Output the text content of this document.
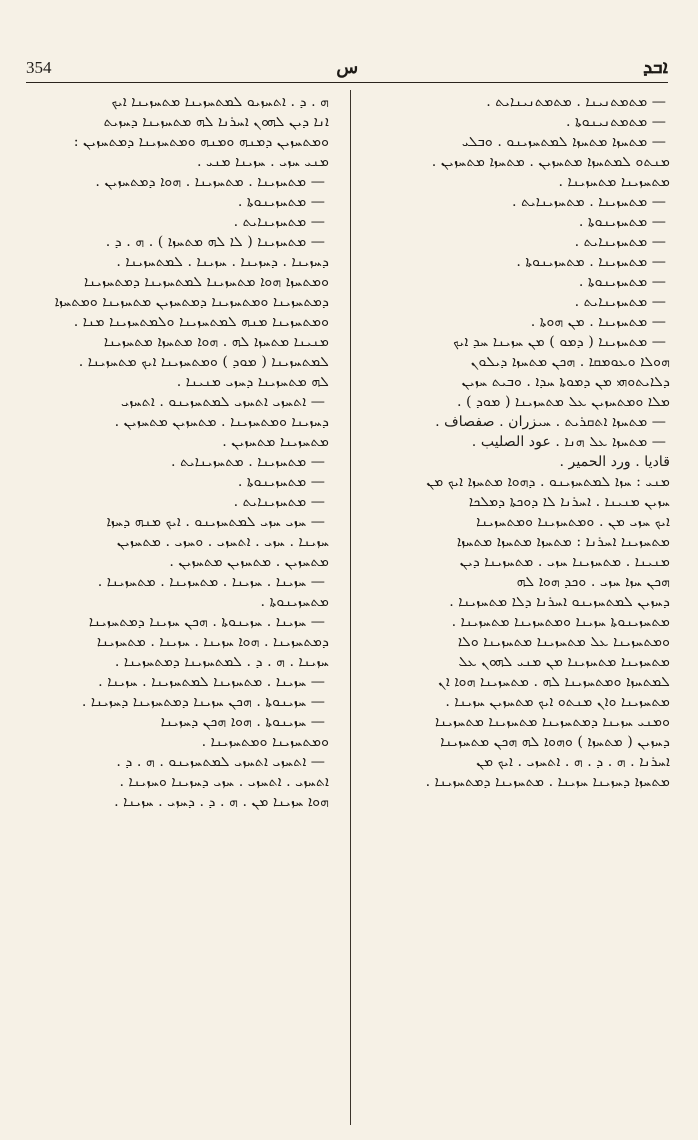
354	س	ܐܒܕ
— ܡܬܡܬܢܝܢܐ . ܡܬܡܬܢܝܢܐܝܬ .
— ܡܬܡܬܢܝܢܘܬܐ .
— ܡܬܚܙܐ ܡܬܚܙܐ ܠܡܬܚܙܝܢܘ . ܘܒܠܝ
ܡܢܬܘ ܠܡܬܚܙܐ ܡܬܚܙܝܢ . ܡܬܚܙܐ ܡܬܚܙܝܢ .
ܡܬܚܙܝܢܐ ܡܬܚܙܝܢܐ .
— ܡܬܚܙܝܢܐ . ܡܬܚܙܝܢܐܝܬ .
— ܡܬܚܙܝܢܘܬܐ .
— ܡܬܚܙܝܢܐܝܬ .
— ܡܬܚܙܝܢܐ . ܡܬܚܙܝܢܘܬܐ .
— ܡܬܚܙܝܢܘܬܐ .
— ܡܬܚܙܝܢܐܝܬ .
— ܡܬܚܙܝܢܐ . ܡܢ ܗܘܬܐ .
— ܡܬܚܙܝܢܐ ( ܕܡܘ ) ܡܢ ܚܙܝܢܐ ܚܕ ܐܝܟ
ܗܘܠܐ ܘܥܘܡܩܐ . ܗܟܢ ܡܬܚܙܐ ܕܝܠܘܢ
ܕܠܐܝܬܘܗܝ ܡܢ ܕܡܘܬܐ ܚܕܐ . ܘܒܝܬ ܚܙܝܢ
ܡܠܐ ܘܡܬܚܙܝܢ ܥܠ ܡܬܚܙܝܢܐ ( ܡܘܕ ) .
— ܡܬܚܙܐ ܐܬܩܪܝܬ . ܚܝزران . صفصاف .
— ܡܬܚܙܐ ܥܠ ܗܢܐ . عود الصليب .
قادیا . ورد الحمیر .
ܡܢܝ : ܚܙܐ ܠܡܬܚܙܝܢܘ . ܕܗܘܐ ܡܬܚܙܐ ܐܝܟ ܡܢ
ܚܙܝܢ ܡܢܝܢܐ . ܐܚܪܢܐ ܠܐ ܕܘܟܬܐ ܕܡܠܟܐ
ܐܝܟ ܚܙܝ ܡܢ . ܘܡܬܚܙܝܢܐ ܘܡܬܚܙܝܢܐ
ܡܬܚܙܝܢܐ ܐܚܪܢܐ : ܡܬܚܙܐ ܡܬܚܙܐ ܡܬܚܙܐ
ܡܢܝܢܐ . ܡܬܚܙܝܢܐ ܚܙܝ . ܡܬܚܙܝܢܐ ܕܝܢ
ܗܟܢ ܚܙܐ ܚܙܝ . ܘܟܕ ܗܘܐ ܠܗ
ܕܚܙܝܢ ܠܡܬܚܙܝܢܘ ܐܚܪܢܐ ܕܠܐ ܡܬܚܙܝܢܐ .
ܡܬܚܙܝܢܘܬܐ ܚܙܝܢܐ ܘܡܬܚܙܝܢܐ ܡܬܚܙܝܢܐ .
ܘܡܬܚܙܝܢܐ ܥܠ ܡܬܚܙܝܢܐ ܡܬܚܙܝܢܐ ܘܠܐ
ܡܬܚܙܝܢܐ ܡܬܚܙܝܢܐ ܡܢ ܡܢܝ ܠܗܘܢ ܥܠ
ܠܡܬܚܙܐ ܘܡܬܚܙܝܢܐ ܠܗ . ܡܬܚܙܝܢܐ ܗܘܐ ܐܢ
ܡܬܚܙܝܢܐ ܘܐܢ ܡܢܬܘ ܐܝܟ ܡܬܚܙܝܢ ܚܙܝܢܐ .
ܘܡܢܝ ܚܙܝܢܐ ܕܡܬܚܙܝܢܐ ܡܬܚܙܝܢܐ ܡܬܚܙܝܢܐ
ܕܚܙܝܢ ( ܡܬܚܙܐ ) ܘܗܘܐ ܠܗ ܗܟܢ ܡܬܚܙܝܢܐ
ܐܚܪܢܐ . ܗ . ܕ . ܗ . ܐܬܚܙܝ . ܐܝܟ ܡܢ
ܡܬܚܙܐ ܕܚܙܝܢܐ ܚܙܝܢܐ . ܡܬܚܙܝܢܐ ܕܡܬܚܙܝܢܐ .
ܗ . ܕ . ܐܬܚܙܝܘ ܠܡܬܚܙܝܢܐ ܡܬܚܙܝܢܐ ܐܝܟ
ܐܢܐ ܕܝܢ ܠܗܘܢ ܐܚܪܢܐ ܠܗ ܡܬܚܙܝܢܐ ܕܚܙܝܬ
ܘܡܬܚܙܝܢ ܕܡܢܗ ܘܡܢܗ ܘܡܬܚܙܝܢܐ ܕܡܬܚܙܝܢ :
ܡܢܝ ܚܙܝ . ܚܙܝܢܐ ܡܢܝ .
— ܡܬܚܙܝܢܐ . ܡܬܚܙܝܢܐ . ܗܘܐ ܕܡܬܚܙܝܢ .
— ܡܬܚܙܝܢܘܬܐ .
— ܡܬܚܙܝܢܐܝܬ .
— ܡܬܚܙܝܢܐ ( ܠܐ ܠܗ ܡܬܚܙܐ ) . ܗ . ܕ .
ܕܚܙܝܢܐ . ܕܚܙܝܢܐ . ܚܙܝܢܐ . ܠܡܬܚܙܝܢܐ .
ܘܡܬܚܙܐ ܗܘܐ ܡܬܚܙܝܢܐ ܠܡܬܚܙܝܢܐ ܕܡܬܚܙܝܢܐ
ܕܡܬܚܙܝܢܐ ܘܡܬܚܙܝܢܐ ܕܡܬܚܙܝܢ ܡܬܚܙܝܢܐ ܘܡܬܚܙܐ
ܘܡܬܚܙܝܢܐ ܡܢܗ ܠܡܬܚܙܝܢܐ ܘܠܡܬܚܙܝܢܐ ܡܢܐ .
ܡܢܝܢܐ ܡܬܚܙܐ ܠܗ . ܗܘܐ ܡܬܚܙܐ ܡܬܚܙܝܢܐ
ܠܡܬܚܙܝܢܐ ( ܡܘܕ ) ܘܡܬܚܙܝܢܐ ܐܝܟ ܡܬܚܙܝܢܐ .
ܠܗ ܡܬܚܙܝܢܐ ܕܚܙܝ ܡܢܝܢܐ .
— ܐܬܚܙܝ ܐܬܚܙܝ ܠܡܬܚܙܝܢܘ . ܐܬܚܙܝ
ܕܚܙܝܢܐ ܘܡܬܚܙܝܢܐ . ܡܬܚܙܝܢ ܡܬܚܙܝܢ .
ܡܬܚܙܝܢܐ ܡܬܚܙܝܢ .
— ܡܬܚܙܝܢܐ . ܡܬܚܙܝܢܐܝܬ .
— ܡܬܚܙܝܢܘܬܐ .
— ܡܬܚܙܝܢܐܝܬ .
— ܚܙܝ ܚܙܝ ܠܡܬܚܙܝܢܘ . ܐܝܟ ܡܢܗ ܕܚܙܐ
ܚܙܝܢܐ . ܚܙܝ . ܐܬܚܙܝ . ܘܚܙܝ . ܡܬܚܙܝܢ
ܡܬܚܙܝܢ . ܡܬܚܙܝܢ ܡܬܚܙܝܢ .
— ܚܙܝܢܐ . ܚܙܝܢܐ . ܡܬܚܙܝܢܐ . ܡܬܚܙܝܢܐ .
ܡܬܚܙܝܢܘܬܐ .
— ܚܙܝܢܐ . ܚܙܝܢܘܬܐ . ܗܟܢ ܚܙܝܢܐ ܕܡܬܚܙܝܢܐ
ܕܡܬܚܙܝܢܐ . ܗܘܐ ܚܙܝܢܐ . ܚܙܝܢܐ . ܡܬܚܙܝܢܐ
ܚܙܝܢܐ . ܗ . ܕ . ܠܡܬܚܙܝܢܐ ܕܡܬܚܙܝܢܐ .
— ܚܙܝܢܐ . ܡܬܚܙܝܢܐ ܠܡܬܚܙܝܢܐ . ܚܙܝܢܐ .
— ܚܙܝܢܘܬܐ . ܗܟܢ ܚܙܝܢܐ ܕܡܬܚܙܝܢܐ ܕܚܙܝܢܐ .
— ܚܙܝܢܘܬܐ . ܗܘܐ ܗܟܢ ܕܚܙܝܢܐ
ܘܡܬܚܙܝܢܐ ܘܡܬܚܙܝܢܐ .
— ܐܬܚܙܝ ܐܬܚܙܝ ܠܡܬܚܙܝܢܘ . ܗ . ܕ .
ܐܬܚܙܝ . ܐܬܚܙܝ . ܚܙܝ ܕܚܙܝܢܐ ܘܚܙܝܢܐ .
ܗܘܐ ܚܙܝܢܐ ܡܢ . ܗ . ܕ . ܕܚܙܝ . ܚܙܝܢܐ .
